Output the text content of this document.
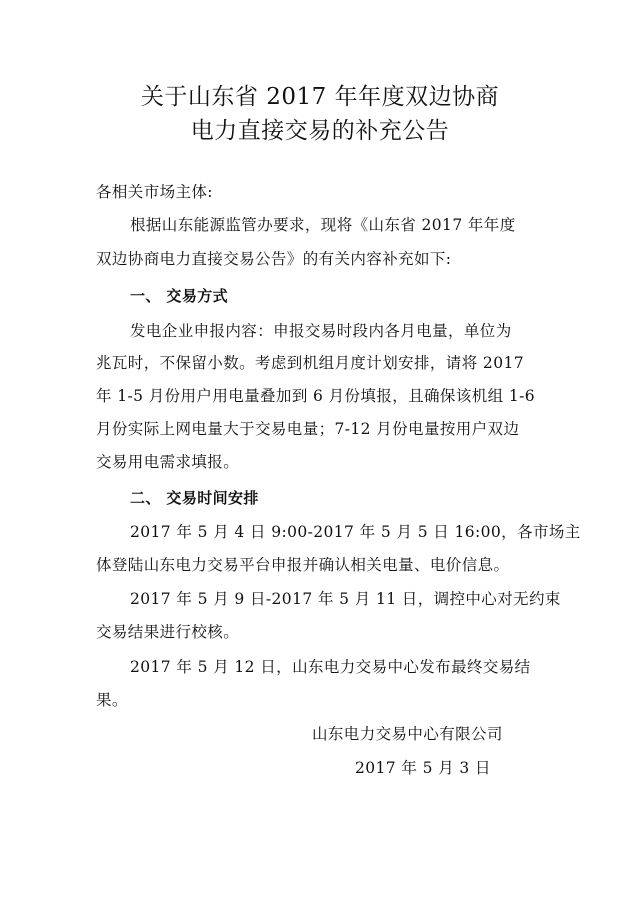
关于山东省 2017 年年度双边协商
电力直接交易的补充公告
各相关市场主体:
根据山东能源监管办要求，现将《山东省 2017 年年度
双边协商电力直接交易公告》的有关内容补充如下:
一、 交易方式
发电企业申报内容：申报交易时段内各月电量，单位为
兆瓦时，不保留小数。考虑到机组月度计划安排，请将 2017
年 1-5 月份用户用电量叠加到 6 月份填报，且确保该机组 1-6
月份实际上网电量大于交易电量；7-12 月份电量按用户双边
交易用电需求填报。
二、 交易时间安排
2017 年 5 月 4 日 9:00-2017 年 5 月 5 日 16:00，各市场主
体登陆山东电力交易平台申报并确认相关电量、电价信息。
2017 年 5 月 9 日-2017 年 5 月 11 日，调控中心对无约束
交易结果进行校核。
2017 年 5 月 12 日，山东电力交易中心发布最终交易结
果。
山东电力交易中心有限公司
2017 年 5 月 3 日
